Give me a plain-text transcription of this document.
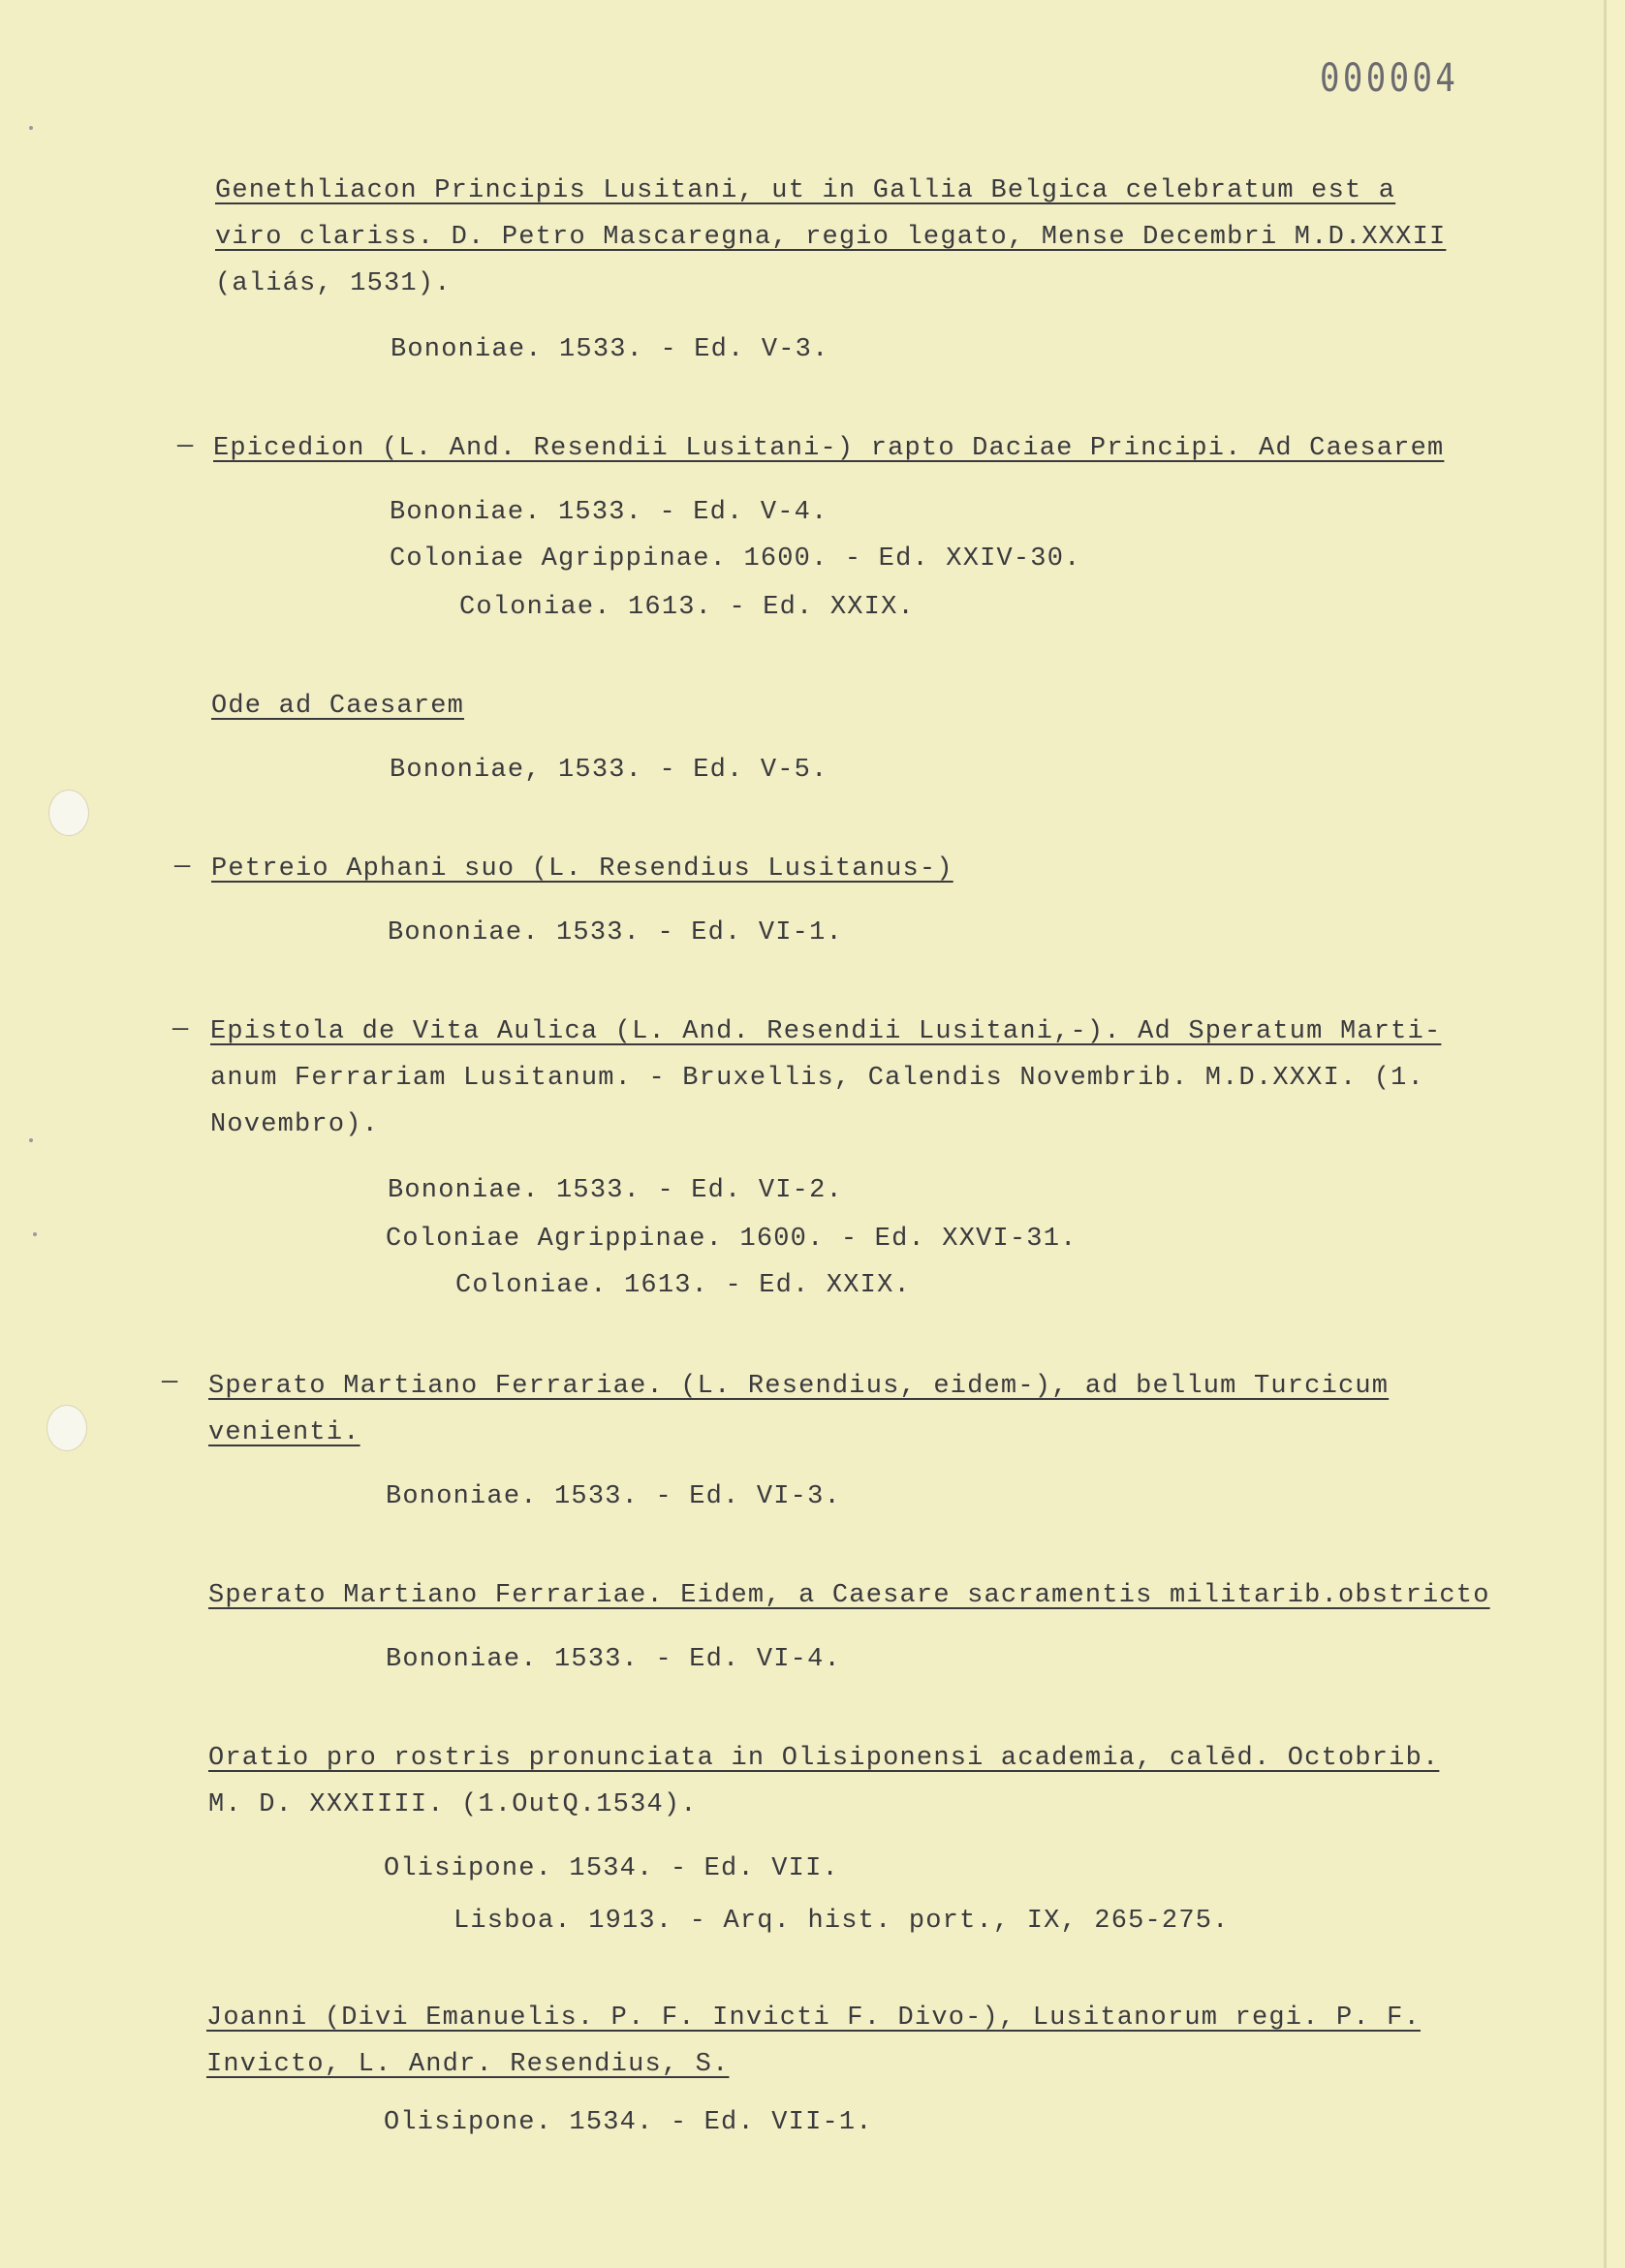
000004
Genethliacon Principis Lusitani, ut in Gallia Belgica celebratum est a
viro clariss. D. Petro Mascaregna, regio legato, Mense Decembri M.D.XXXII
(aliás, 1531).
Bononiae. 1533. - Ed. V-3.
— Epicedion (L. And. Resendii Lusitani-) rapto Daciae Principi. Ad Caesarem
Bononiae. 1533. - Ed. V-4.
Coloniae Agrippinae. 1600. - Ed. XXIV-30.
Coloniae. 1613. - Ed. XXIX.
Ode ad Caesarem
Bononiae, 1533. - Ed. V-5.
— Petreio Aphani suo (L. Resendius Lusitanus-)
Bononiae. 1533. - Ed. VI-1.
— Epistola de Vita Aulica (L. And. Resendii Lusitani,-). Ad Speratum Marti-
anum Ferrariam Lusitanum. - Bruxellis, Calendis Novembrib. M.D.XXXI. (1.
Novembro).
Bononiae. 1533. - Ed. VI-2.
Coloniae Agrippinae. 1600. - Ed. XXVI-31.
Coloniae. 1613. - Ed. XXIX.
— Sperato Martiano Ferrariae. (L. Resendius, eidem-), ad bellum Turcicum
venienti.
Bononiae. 1533. - Ed. VI-3.
Sperato Martiano Ferrariae. Eidem, a Caesare sacramentis militarib.obstricto
Bononiae. 1533. - Ed. VI-4.
Oratio pro rostris pronunciata in Olisiponensi academia, calēd. Octobrib.
M. D. XXXIIII. (1.OutQ.1534).
Olisipone. 1534. - Ed. VII.
Lisboa. 1913. - Arq. hist. port., IX, 265-275.
Joanni (Divi Emanuelis. P. F. Invicti F. Divo-), Lusitanorum regi. P. F.
Invicto, L. Andr. Resendius, S.
Olisipone. 1534. - Ed. VII-1.
